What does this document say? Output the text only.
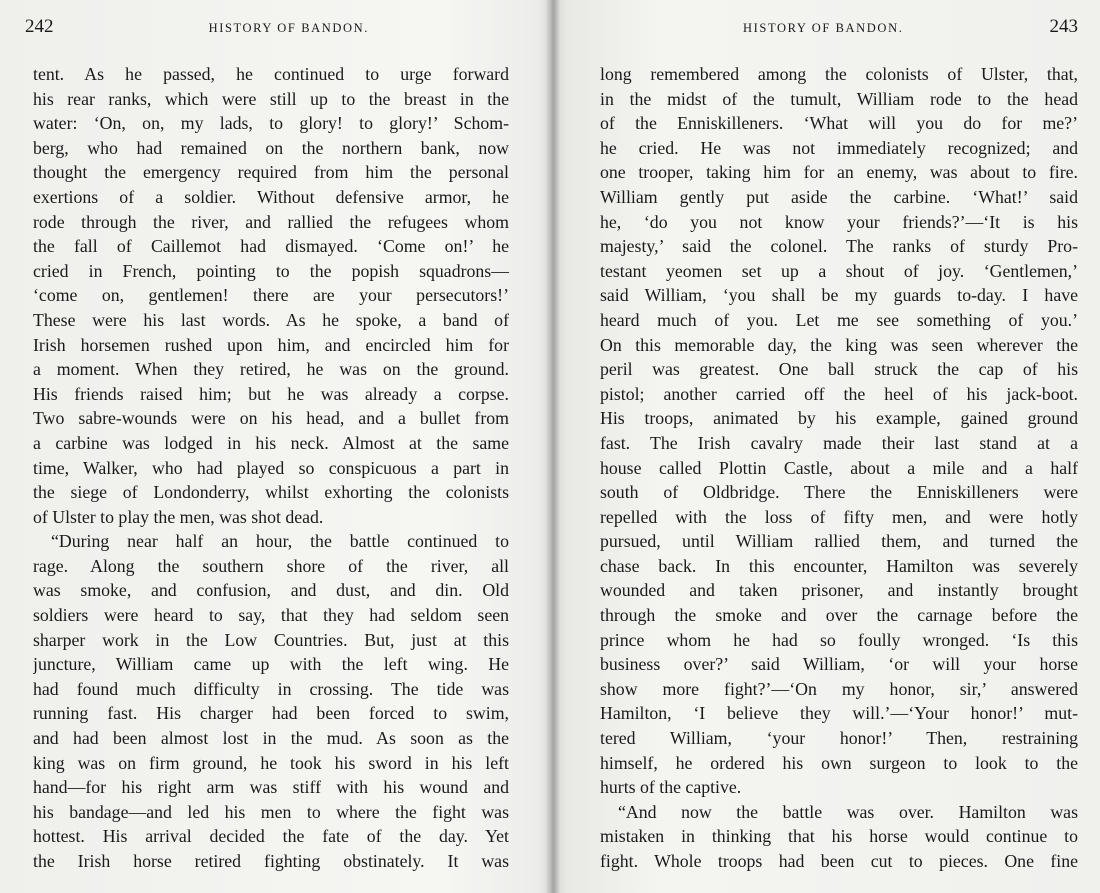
242	HISTORY OF BANDON.
tent. As he passed, he continued to urge forward
his rear ranks, which were still up to the breast in the
water: ‘On, on, my lads, to glory! to glory!’ Schom-
berg, who had remained on the northern bank, now
thought the emergency required from him the personal
exertions of a soldier. Without defensive armor, he
rode through the river, and rallied the refugees whom
the fall of Caillemot had dismayed. ‘Come on!’ he
cried in French, pointing to the popish squadrons—
‘come on, gentlemen! there are your persecutors!’
These were his last words. As he spoke, a band of
Irish horsemen rushed upon him, and encircled him for
a moment. When they retired, he was on the ground.
His friends raised him; but he was already a corpse.
Two sabre-wounds were on his head, and a bullet from
a carbine was lodged in his neck. Almost at the same
time, Walker, who had played so conspicuous a part in
the siege of Londonderry, whilst exhorting the colonists
of Ulster to play the men, was shot dead.
“During near half an hour, the battle continued to
rage. Along the southern shore of the river, all
was smoke, and confusion, and dust, and din. Old
soldiers were heard to say, that they had seldom seen
sharper work in the Low Countries. But, just at this
juncture, William came up with the left wing. He
had found much difficulty in crossing. The tide was
running fast. His charger had been forced to swim,
and had been almost lost in the mud. As soon as the
king was on firm ground, he took his sword in his left
hand—for his right arm was stiff with his wound and
his bandage—and led his men to where the fight was
hottest. His arrival decided the fate of the day. Yet
the Irish horse retired fighting obstinately. It was
HISTORY OF BANDON.	243
long remembered among the colonists of Ulster, that,
in the midst of the tumult, William rode to the head
of the Enniskilleners. ‘What will you do for me?’
he cried. He was not immediately recognized; and
one trooper, taking him for an enemy, was about to fire.
William gently put aside the carbine. ‘What!’ said
he, ‘do you not know your friends?’—‘It is his
majesty,’ said the colonel. The ranks of sturdy Pro-
testant yeomen set up a shout of joy. ‘Gentlemen,’
said William, ‘you shall be my guards to-day. I have
heard much of you. Let me see something of you.’
On this memorable day, the king was seen wherever the
peril was greatest. One ball struck the cap of his
pistol; another carried off the heel of his jack-boot.
His troops, animated by his example, gained ground
fast. The Irish cavalry made their last stand at a
house called Plottin Castle, about a mile and a half
south of Oldbridge. There the Enniskilleners were
repelled with the loss of fifty men, and were hotly
pursued, until William rallied them, and turned the
chase back. In this encounter, Hamilton was severely
wounded and taken prisoner, and instantly brought
through the smoke and over the carnage before the
prince whom he had so foully wronged. ‘Is this
business over?’ said William, ‘or will your horse
show more fight?’—‘On my honor, sir,’ answered
Hamilton, ‘I believe they will.’—‘Your honor!’ mut-
tered William, ‘your honor!’ Then, restraining
himself, he ordered his own surgeon to look to the
hurts of the captive.
“And now the battle was over. Hamilton was
mistaken in thinking that his horse would continue to
fight. Whole troops had been cut to pieces. One fine
